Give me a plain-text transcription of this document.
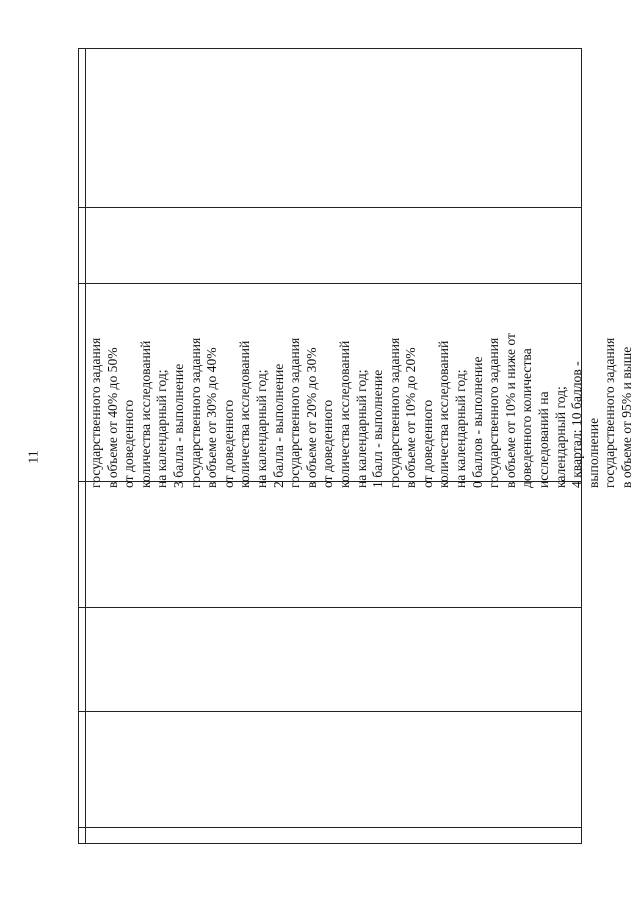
11	государственного задания в объеме от 40% до 50% от доведенного количества исследований на календарный год; 3 балла - выполнение государственного задания в объеме от 30% до 40% от доведенного количества исследований на календарный год; 2 балла - выполнение государственного задания в объеме от 20% до 30% от доведенного количества исследований на календарный год; 1 балл - выполнение государственного задания в объеме от 10% до 20% от доведенного количества исследований на календарный год; 0 баллов - выполнение государственного задания в объеме от 10% и ниже от доведенного количества исследований на календарный год; 4 квартал: 10 баллов - выполнение государственного задания в объеме от 95% и выше
